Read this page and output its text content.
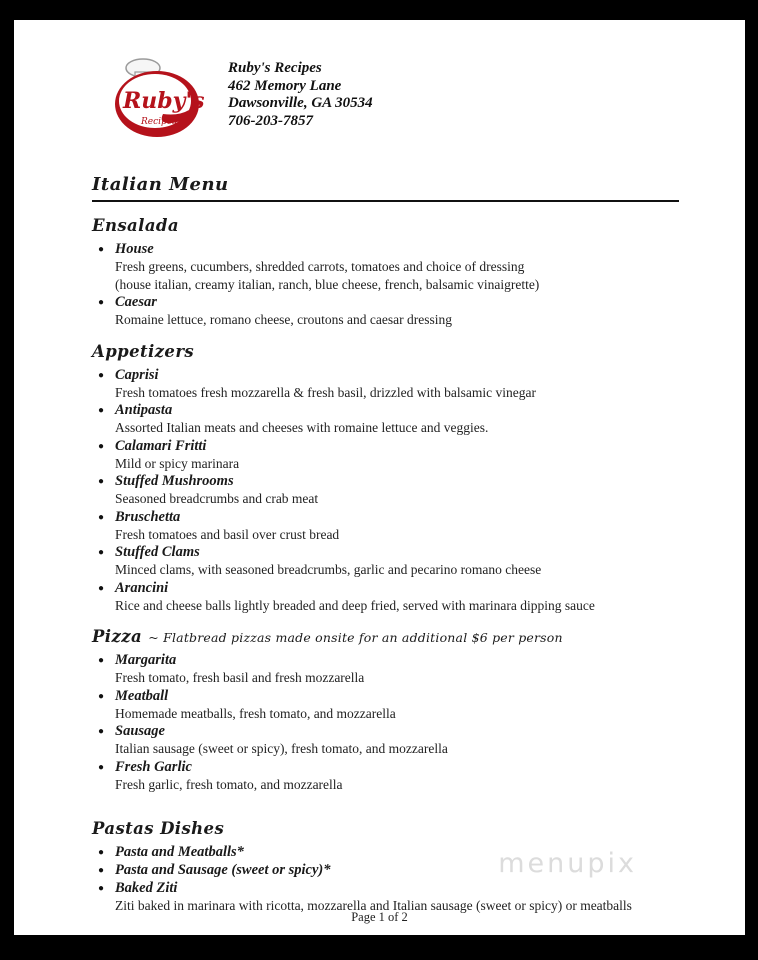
Ruby's
Recipes
Ruby's Recipes
462 Memory Lane
Dawsonville, GA 30534
706-203-7857
Italian Menu
Ensalada
● House
Fresh greens, cucumbers, shredded carrots, tomatoes and choice of dressing
(house italian, creamy italian, ranch, blue cheese, french, balsamic vinaigrette)
● Caesar
Romaine lettuce, romano cheese, croutons and caesar dressing
Appetizers
● Caprisi
Fresh tomatoes fresh mozzarella & fresh basil, drizzled with balsamic vinegar
● Antipasta
Assorted Italian meats and cheeses with romaine lettuce and veggies.
● Calamari Fritti
Mild or spicy marinara
● Stuffed Mushrooms
Seasoned breadcrumbs and crab meat
● Bruschetta
Fresh tomatoes and basil over crust bread
● Stuffed Clams
Minced clams, with seasoned breadcrumbs, garlic and pecarino romano cheese
● Arancini
Rice and cheese balls lightly breaded and deep fried, served with marinara dipping sauce
Pizza ~ Flatbread pizzas made onsite for an additional $6 per person
● Margarita
Fresh tomato, fresh basil and fresh mozzarella
● Meatball
Homemade meatballs, fresh tomato, and mozzarella
● Sausage
Italian sausage (sweet or spicy), fresh tomato, and mozzarella
● Fresh Garlic
Fresh garlic, fresh tomato, and mozzarella
Pastas Dishes
● Pasta and Meatballs*
● Pasta and Sausage (sweet or spicy)*
● Baked Ziti
Ziti baked in marinara with ricotta, mozzarella and Italian sausage (sweet or spicy) or meatballs
menupix
Page 1 of 2
